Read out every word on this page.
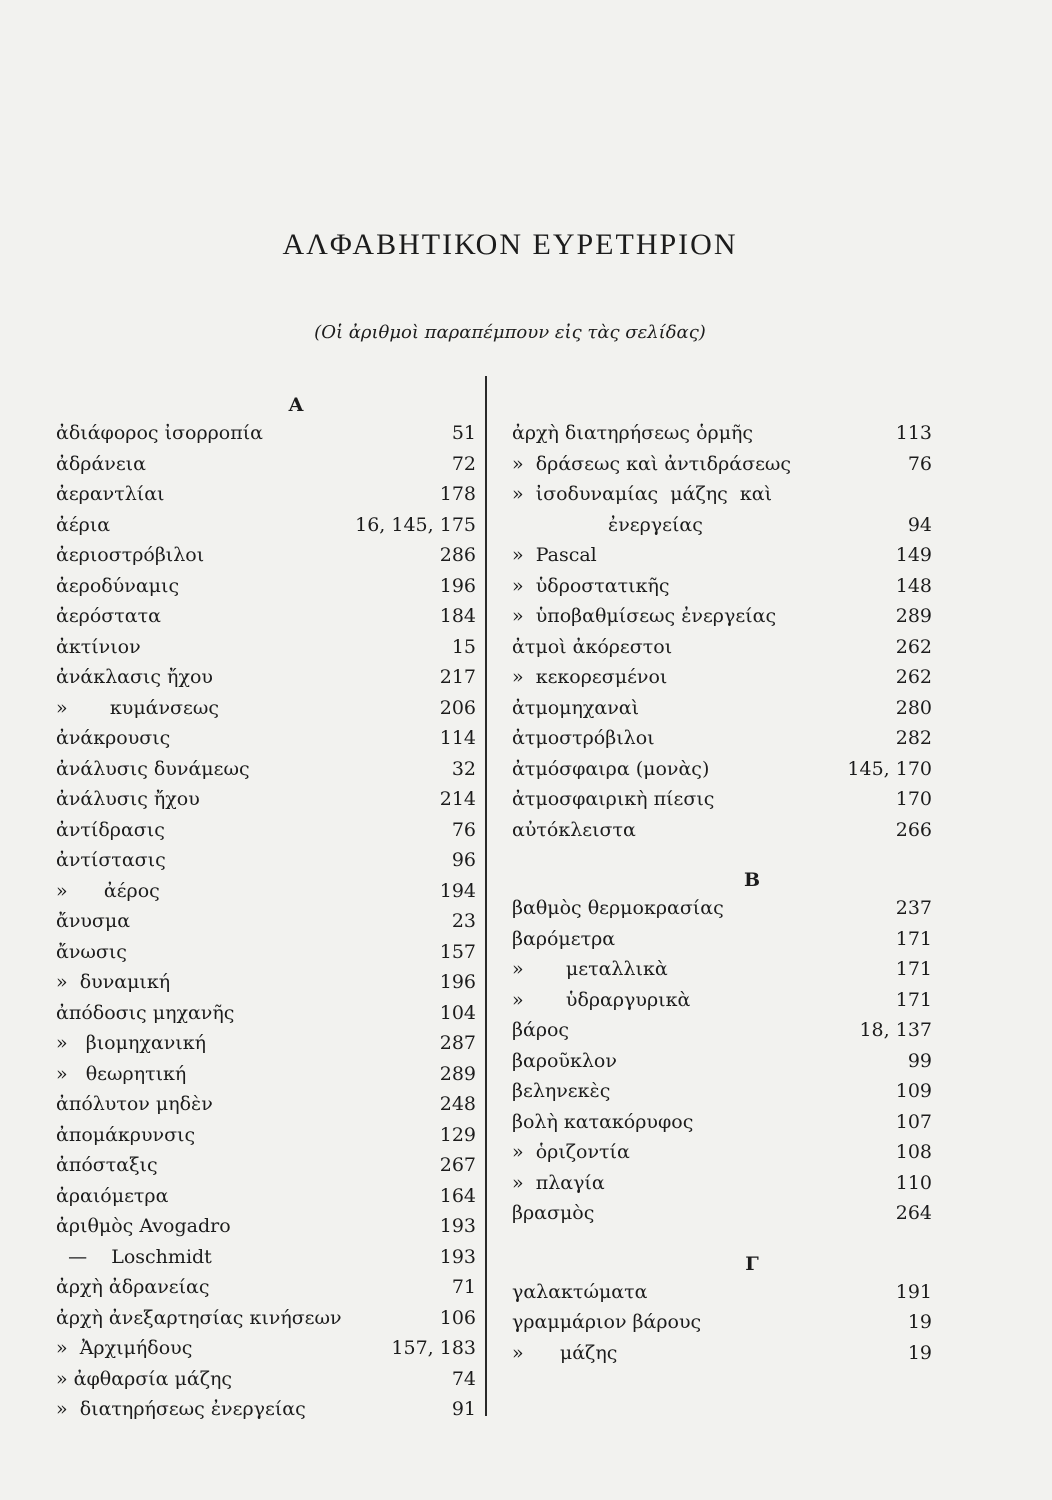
ΑΛΦΑΒΗΤΙΚΟΝ ΕΥΡΕΤΗΡΙΟΝ
(Οἱ ἀριθμοὶ παραπέμπουν εἰς τὰς σελίδας)
Α
ἀδιάφορος ἰσορροπία	51
ἀδράνεια	72
ἀεραντλίαι	178
ἀέρια	16, 145, 175
ἀεριοστρόβιλοι	286
ἀεροδύναμις	196
ἀερόστατα	184
ἀκτίνιον	15
ἀνάκλασις ἤχου	217
»       κυμάνσεως	206
ἀνάκρουσις	114
ἀνάλυσις δυνάμεως	32
ἀνάλυσις ἤχου	214
ἀντίδρασις	76
ἀντίστασις	96
»      ἀέρος	194
ἄνυσμα	23
ἄνωσις	157
»  δυναμική	196
ἀπόδοσις μηχανῆς	104
»   βιομηχανική	287
»   θεωρητική	289
ἀπόλυτον μηδὲν	248
ἀπομάκρυνσις	129
ἀπόσταξις	267
ἀραιόμετρα	164
ἀριθμὸς Avogadro	193
—    Loschmidt	193
ἀρχὴ ἀδρανείας	71
ἀρχὴ ἀνεξαρτησίας κινήσεων	106
»  Ἀρχιμήδους	157, 183
» ἀφθαρσία μάζης	74
»  διατηρήσεως ἐνεργείας	91
ἀρχὴ διατηρήσεως ὁρμῆς	113
»  δράσεως καὶ ἀντιδράσεως	76
»  ἰσοδυναμίας  μάζης  καὶ
ἐνεργείας	94
»  Pascal	149
»  ὑδροστατικῆς	148
»  ὑποβαθμίσεως ἐνεργείας	289
ἀτμοὶ ἀκόρεστοι	262
»  κεκορεσμένοι	262
ἀτμομηχαναὶ	280
ἀτμοστρόβιλοι	282
ἀτμόσφαιρα (μονὰς)	145, 170
ἀτμοσφαιρικὴ πίεσις	170
αὐτόκλειστα	266
Β
βαθμὸς θερμοκρασίας	237
βαρόμετρα	171
»       μεταλλικὰ	171
»       ὑδραργυρικὰ	171
βάρος	18, 137
βαροῦκλον	99
βεληνεκὲς	109
βολὴ κατακόρυφος	107
»  ὁριζοντία	108
»  πλαγία	110
βρασμὸς	264
Γ
γαλακτώματα	191
γραμμάριον βάρους	19
»      μάζης	19
